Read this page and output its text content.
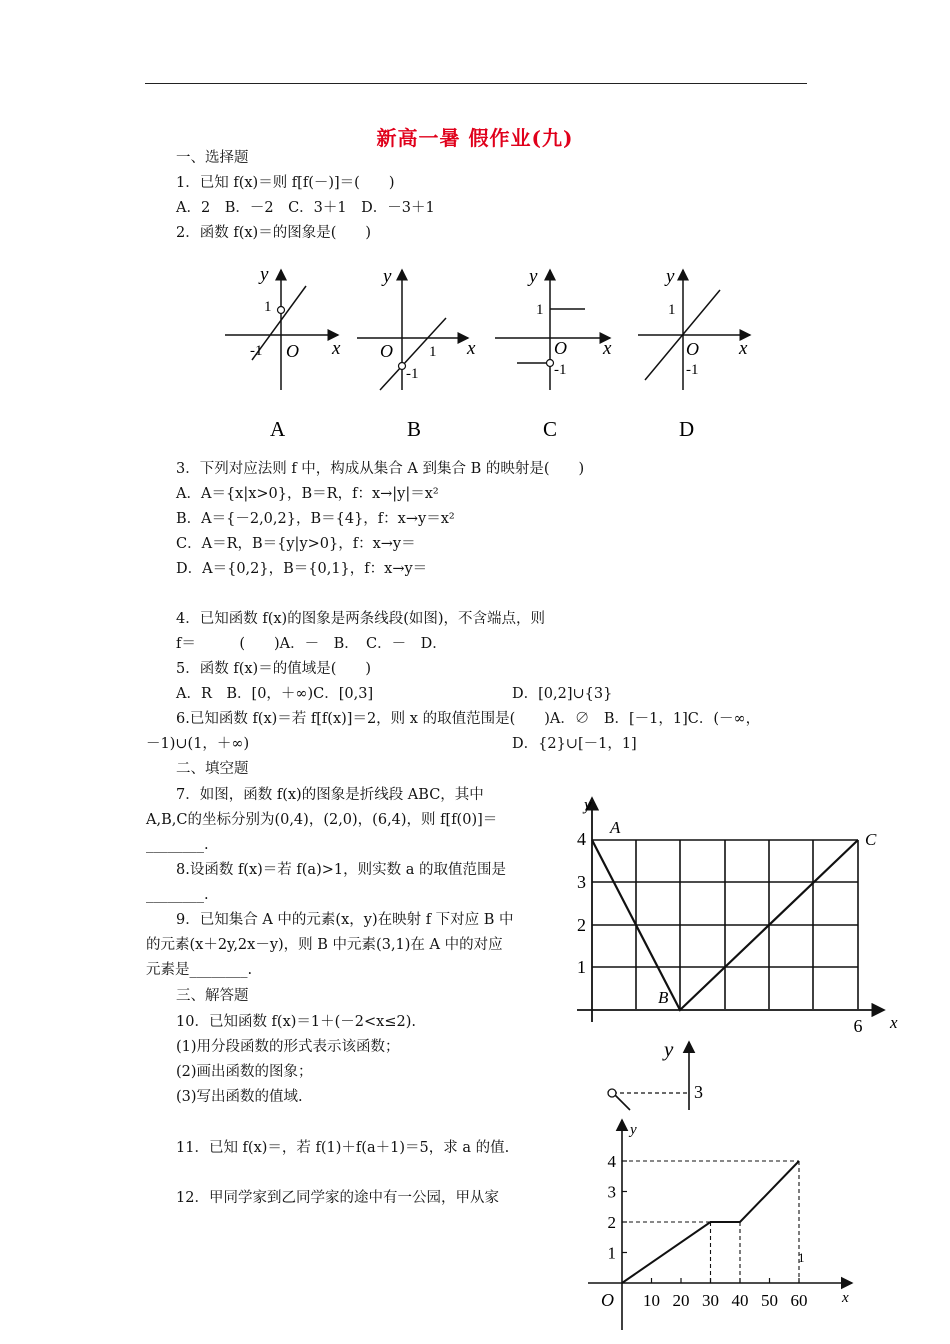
新高一暑 假作业(九)
一、选择题
1．已知 f(x)＝则 f[f(－)]＝(　　)
A．2　B．－2　C．3＋1　D．－3＋1
2．函数 f(x)＝的图象是(　　)
y
x
1
-1 O
y
x
O 1
-1
y
x
1
O
-1
y
x
1
O
-1
A	B	C	D
3．下列对应法则 f 中，构成从集合 A 到集合 B 的映射是(　　)
A．A＝{x|x>0}，B＝R，f：x→|y|＝x²
B．A＝{－2,0,2}，B＝{4}，f：x→y＝x²
C．A＝R，B＝{y|y>0}，f：x→y＝
D．A＝{0,2}，B＝{0,1}，f：x→y＝
4．已知函数 f(x)的图象是两条线段(如图)，不含端点，则
f＝　　　(　　)A．－　B．　C．－　D．
5．函数 f(x)＝的值域是(　　)
A．R　B．[0，＋∞)C．[0,3]	D．[0,2]∪{3}
6.已知函数 f(x)＝若 f[f(x)]＝2，则 x 的取值范围是(　　)A．∅　B．[－1，1]C．(－∞，
－1)∪(1，＋∞)	D．{2}∪[－1，1]
二、填空题
7．如图，函数 f(x)的图象是折线段 ABC，其中
A,B,C的坐标分别为(0,4)，(2,0)，(6,4)，则 f[f(0)]＝
________.
8.设函数 f(x)＝若 f(a)>1，则实数 a 的取值范围是
________.
9．已知集合 A 中的元素(x，y)在映射 f 下对应 B 中
的元素(x＋2y,2x－y)，则 B 中元素(3,1)在 A 中的对应
元素是________.
三、解答题
10．已知函数 f(x)＝1＋(－2<x≤2).
(1)用分段函数的形式表示该函数；
(2)画出函数的图象；
(3)写出函数的值域.
11．已知 f(x)＝，若 f(1)＋f(a＋1)＝5，求 a 的值.
12．甲同学家到乙同学家的途中有一公园，甲从家
y
x
4
3
2
1
6
A
B
C
y
3
y
x
O
1
1
2
3
4
10 20 30 40 50 60
